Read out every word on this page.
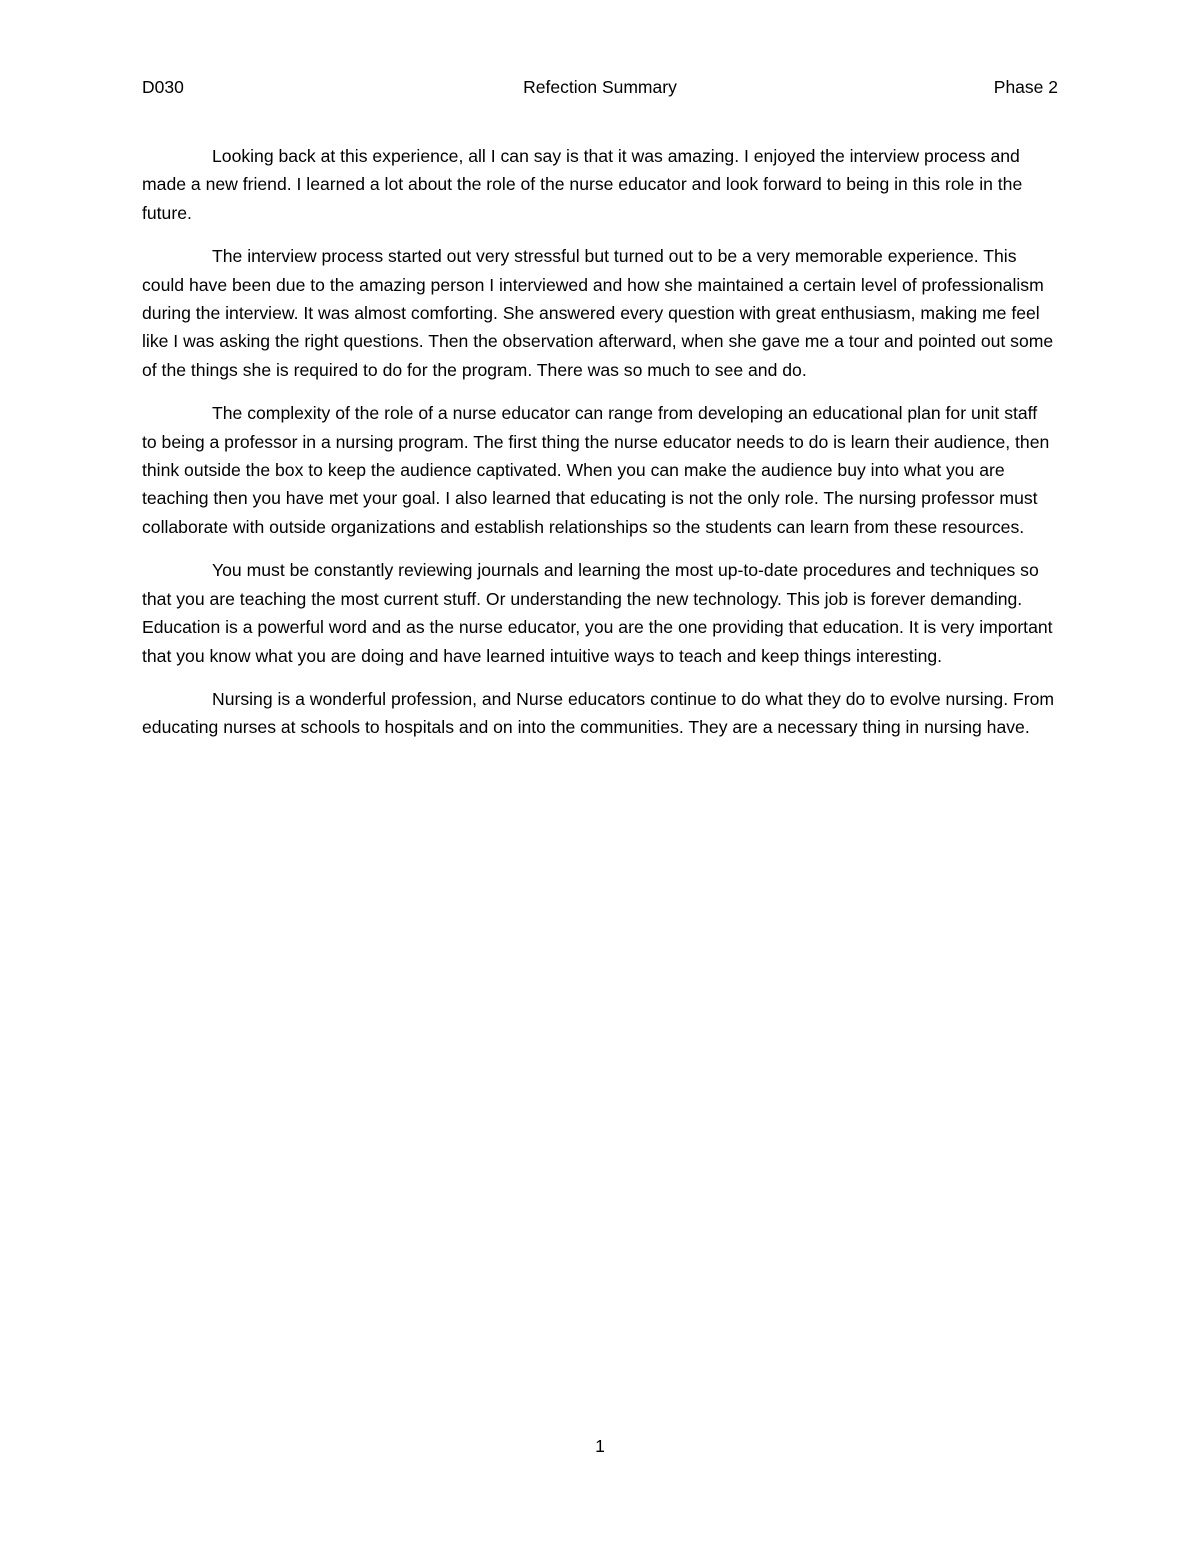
D030	Refection Summary	Phase 2

Looking back at this experience, all I can say is that it was amazing. I enjoyed the interview process and made a new friend. I learned a lot about the role of the nurse educator and look forward to being in this role in the future.

The interview process started out very stressful but turned out to be a very memorable experience. This could have been due to the amazing person I interviewed and how she maintained a certain level of professionalism during the interview. It was almost comforting. She answered every question with great enthusiasm, making me feel like I was asking the right questions. Then the observation afterward, when she gave me a tour and pointed out some of the things she is required to do for the program. There was so much to see and do.

The complexity of the role of a nurse educator can range from developing an educational plan for unit staff to being a professor in a nursing program. The first thing the nurse educator needs to do is learn their audience, then think outside the box to keep the audience captivated. When you can make the audience buy into what you are teaching then you have met your goal. I also learned that educating is not the only role. The nursing professor must collaborate with outside organizations and establish relationships so the students can learn from these resources.

You must be constantly reviewing journals and learning the most up-to-date procedures and techniques so that you are teaching the most current stuff. Or understanding the new technology. This job is forever demanding. Education is a powerful word and as the nurse educator, you are the one providing that education. It is very important that you know what you are doing and have learned intuitive ways to teach and keep things interesting.

Nursing is a wonderful profession, and Nurse educators continue to do what they do to evolve nursing. From educating nurses at schools to hospitals and on into the communities. They are a necessary thing in nursing have.

1
